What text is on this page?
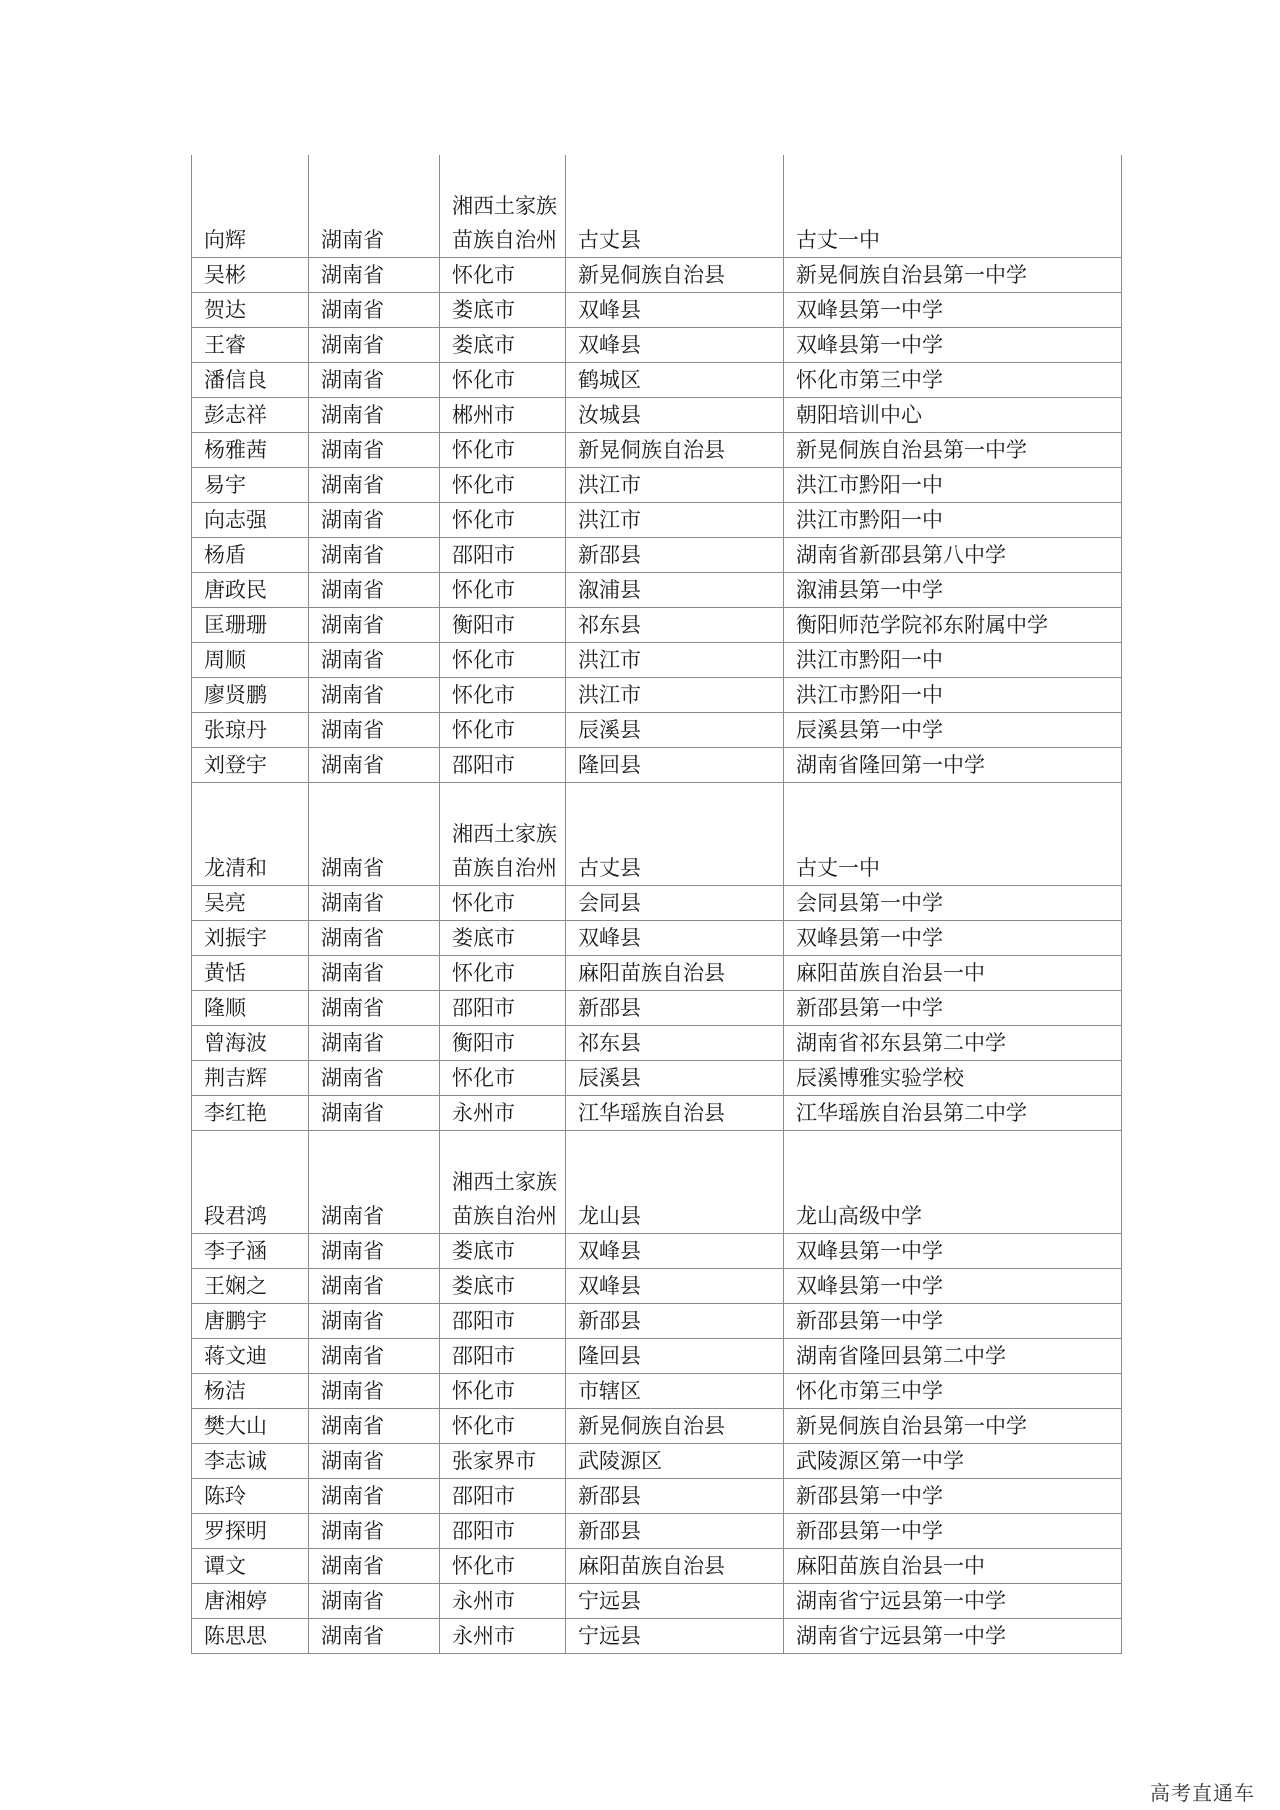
向辉	湖南省	湘西土家族苗族自治州	古丈县	古丈一中
吴彬	湖南省	怀化市	新晃侗族自治县	新晃侗族自治县第一中学
贺达	湖南省	娄底市	双峰县	双峰县第一中学
王睿	湖南省	娄底市	双峰县	双峰县第一中学
潘信良	湖南省	怀化市	鹤城区	怀化市第三中学
彭志祥	湖南省	郴州市	汝城县	朝阳培训中心
杨雅茜	湖南省	怀化市	新晃侗族自治县	新晃侗族自治县第一中学
易宇	湖南省	怀化市	洪江市	洪江市黔阳一中
向志强	湖南省	怀化市	洪江市	洪江市黔阳一中
杨盾	湖南省	邵阳市	新邵县	湖南省新邵县第八中学
唐政民	湖南省	怀化市	溆浦县	溆浦县第一中学
匡珊珊	湖南省	衡阳市	祁东县	衡阳师范学院祁东附属中学
周顺	湖南省	怀化市	洪江市	洪江市黔阳一中
廖贤鹏	湖南省	怀化市	洪江市	洪江市黔阳一中
张琼丹	湖南省	怀化市	辰溪县	辰溪县第一中学
刘登宇	湖南省	邵阳市	隆回县	湖南省隆回第一中学
龙清和	湖南省	湘西土家族苗族自治州	古丈县	古丈一中
吴亮	湖南省	怀化市	会同县	会同县第一中学
刘振宇	湖南省	娄底市	双峰县	双峰县第一中学
黄恬	湖南省	怀化市	麻阳苗族自治县	麻阳苗族自治县一中
隆顺	湖南省	邵阳市	新邵县	新邵县第一中学
曾海波	湖南省	衡阳市	祁东县	湖南省祁东县第二中学
荆吉辉	湖南省	怀化市	辰溪县	辰溪博雅实验学校
李红艳	湖南省	永州市	江华瑶族自治县	江华瑶族自治县第二中学
段君鸿	湖南省	湘西土家族苗族自治州	龙山县	龙山高级中学
李子涵	湖南省	娄底市	双峰县	双峰县第一中学
王娴之	湖南省	娄底市	双峰县	双峰县第一中学
唐鹏宇	湖南省	邵阳市	新邵县	新邵县第一中学
蒋文迪	湖南省	邵阳市	隆回县	湖南省隆回县第二中学
杨洁	湖南省	怀化市	市辖区	怀化市第三中学
樊大山	湖南省	怀化市	新晃侗族自治县	新晃侗族自治县第一中学
李志诚	湖南省	张家界市	武陵源区	武陵源区第一中学
陈玲	湖南省	邵阳市	新邵县	新邵县第一中学
罗探明	湖南省	邵阳市	新邵县	新邵县第一中学
谭文	湖南省	怀化市	麻阳苗族自治县	麻阳苗族自治县一中
唐湘婷	湖南省	永州市	宁远县	湖南省宁远县第一中学
陈思思	湖南省	永州市	宁远县	湖南省宁远县第一中学
高考直通车
